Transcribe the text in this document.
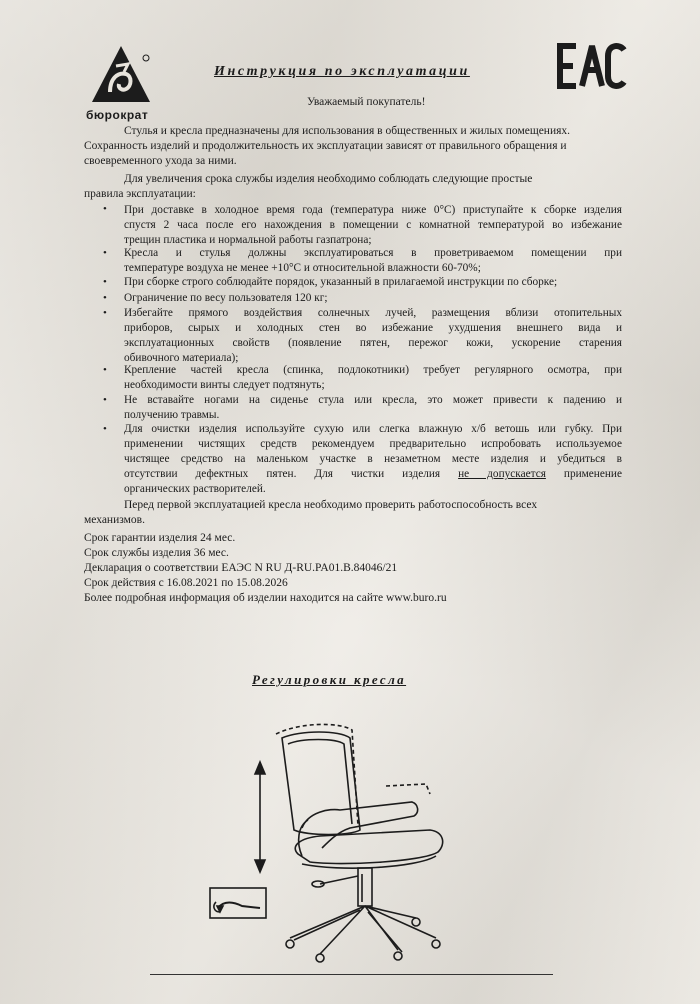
бюрократ
Инструкция по эксплуатации
Уважаемый покупатель!
Стулья и кресла предназначены для использования в общественных и жилых помещениях.
Сохранность изделий и продолжительность их эксплуатации зависят от правильного обращения и
своевременного ухода за ними.
Для увеличения срока службы изделия необходимо соблюдать следующие простые
правила эксплуатации:
• При доставке в холодное время года (температура ниже 0°С) приступайте к сборке изделия
спустя 2 часа после его нахождения в помещении с комнатной температурой во избежание
трещин пластика и нормальной работы газпатрона;
• Кресла и стулья должны эксплуатироваться в проветриваемом помещении при
температуре воздуха не менее +10°С и относительной влажности 60-70%;
• При сборке строго соблюдайте порядок, указанный в прилагаемой инструкции по сборке;
• Ограничение по весу пользователя 120 кг;
• Избегайте прямого воздействия солнечных лучей, размещения вблизи отопительных
приборов, сырых и холодных стен во избежание ухудшения внешнего вида и
эксплуатационных свойств (появление пятен, пережог кожи, ускорение старения
обивочного материала);
• Крепление частей кресла (спинка, подлокотники) требует регулярного осмотра, при
необходимости винты следует подтянуть;
• Не вставайте ногами на сиденье стула или кресла, это может привести к падению и
получению травмы.
• Для очистки изделия используйте сухую или слегка влажную х/б ветошь или губку. При
применении чистящих средств рекомендуем предварительно испробовать используемое
чистящее средство на маленьком участке в незаметном месте изделия и убедиться в
отсутствии дефектных пятен. Для чистки изделия не допускается применение
органических растворителей.
Перед первой эксплуатацией кресла необходимо проверить работоспособность всех
механизмов.
Срок гарантии изделия 24 мес.
Срок службы изделия 36 мес.
Декларация о соответствии ЕАЭС N RU Д-RU.PA01.B.84046/21
Срок действия с 16.08.2021 по 15.08.2026
Более подробная информация об изделии находится на сайте www.buro.ru
Регулировки кресла
